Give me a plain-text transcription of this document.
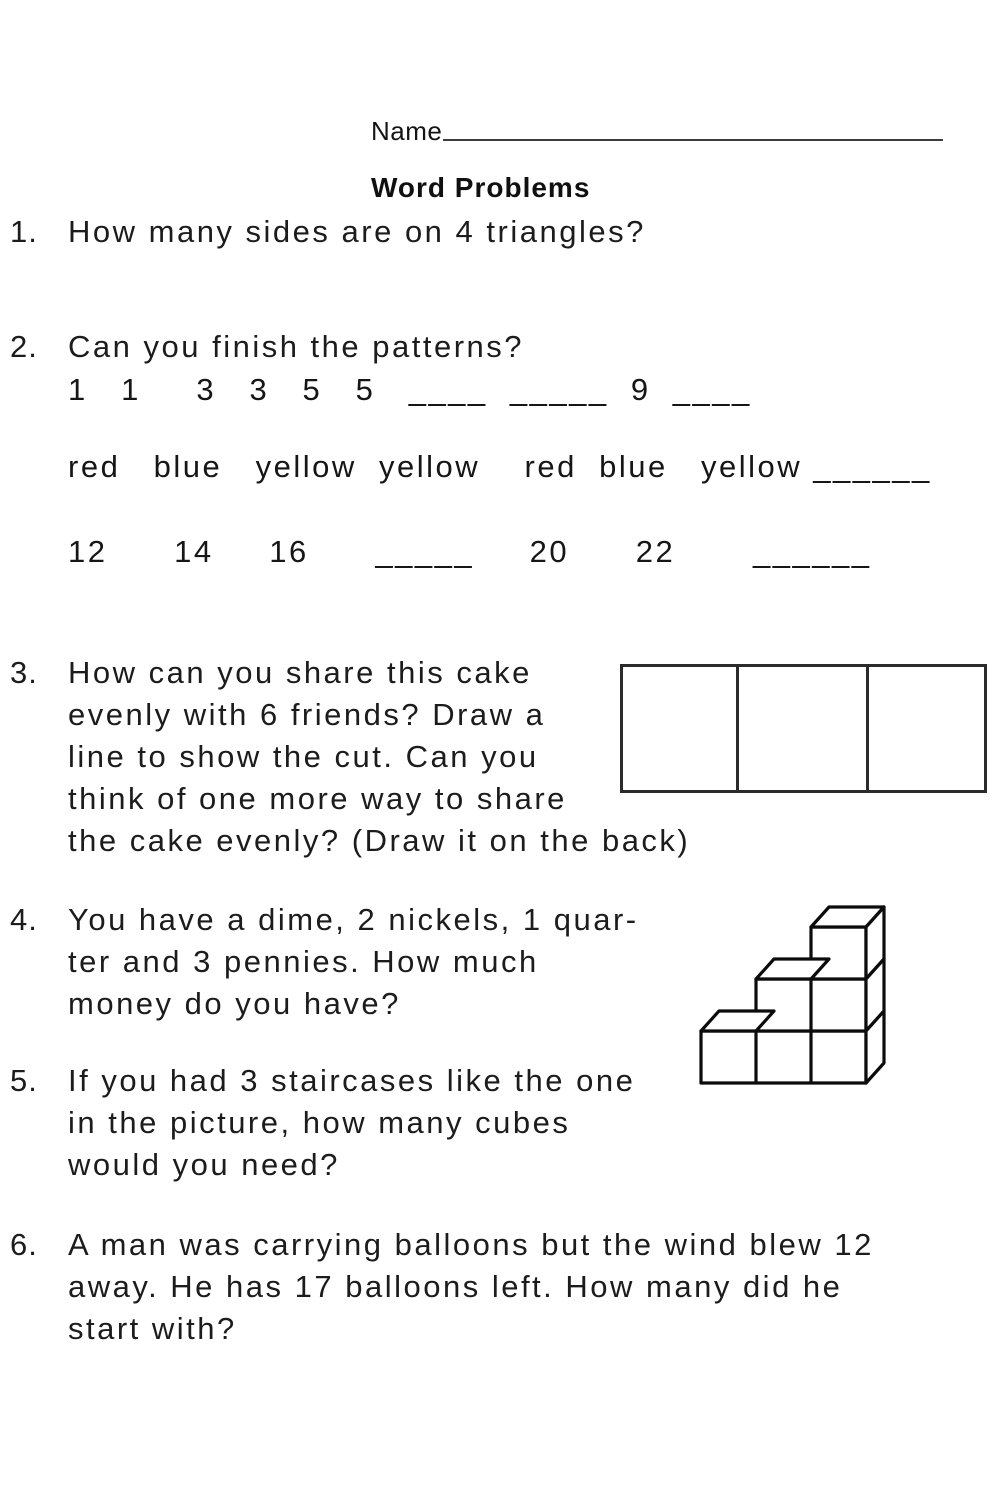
Name
Word Problems
1. How many sides are on 4 triangles?
2. Can you finish the patterns?
1   1     3   3   5   5   ____  _____  9  ____
red   blue   yellow  yellow    red  blue   yellow ______
12      14     16      _____     20      22       ______
3. How can you share this cake
evenly with 6 friends? Draw a
line to show the cut. Can you
think of one more way to share
the cake evenly? (Draw it on the back)
4. You have a dime, 2 nickels, 1 quar-
ter and 3 pennies. How much
money do you have?
5. If you had 3 staircases like the one
in the picture, how many cubes
would you need?
6. A man was carrying balloons but the wind blew 12
away. He has 17 balloons left. How many did he
start with?
